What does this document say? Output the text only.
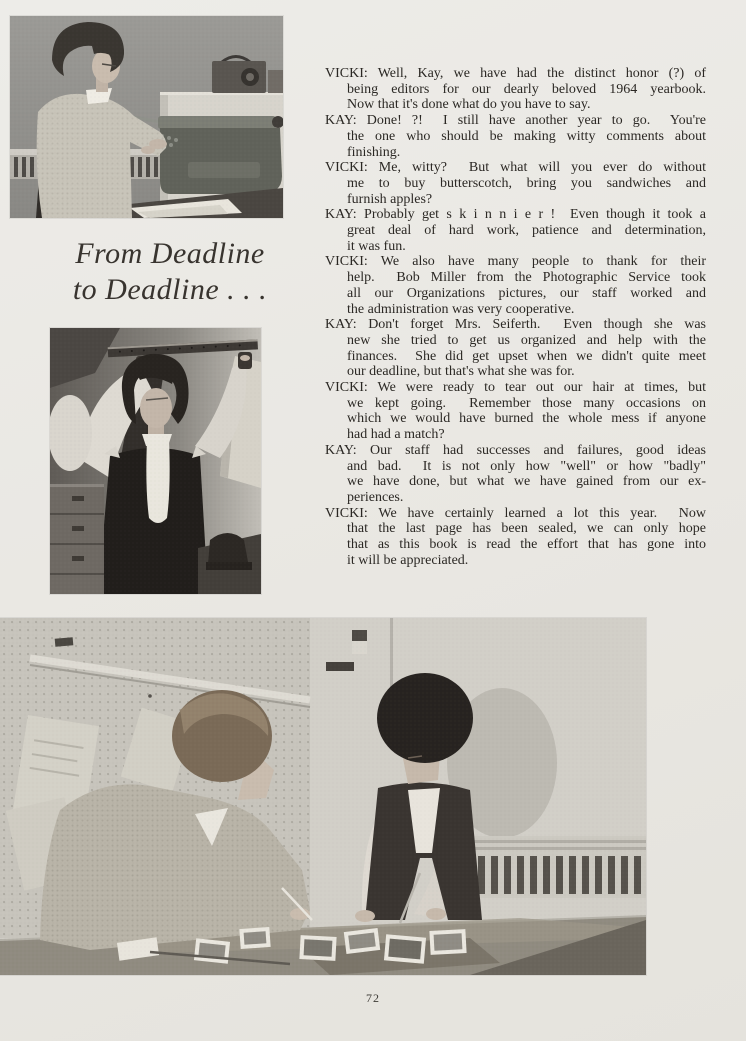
From Deadline
to Deadline . . .
VICKI: Well, Kay, we have had the distinct honor (?) of
being editors for our dearly beloved 1964 yearbook.
Now that it's done what do you have to say.
KAY: Done! ?!  I still have another year to go.  You're
the one who should be making witty comments about
finishing.
VICKI: Me, witty?  But what will you ever do without
me to buy butterscotch, bring you sandwiches and
furnish apples?
KAY: Probably get s k i n n i e r !  Even though it took a
great deal of hard work, patience and determination,
it was fun.
VICKI: We also have many people to thank for their
help.  Bob Miller from the Photographic Service took
all our Organizations pictures, our staff worked and
the administration was very cooperative.
KAY: Don't forget Mrs. Seiferth.  Even though she was
new she tried to get us organized and help with the
finances.  She did get upset when we didn't quite meet
our deadline, but that's what she was for.
VICKI: We were ready to tear out our hair at times, but
we kept going.  Remember those many occasions on
which we would have burned the whole mess if anyone
had had a match?
KAY: Our staff had successes and failures, good ideas
and bad.  It is not only how "well" or how "badly"
we have done, but what we have gained from our ex-
periences.
VICKI: We have certainly learned a lot this year.  Now
that the last page has been sealed, we can only hope
that as this book is read the effort that has gone into
it will be appreciated.
72
